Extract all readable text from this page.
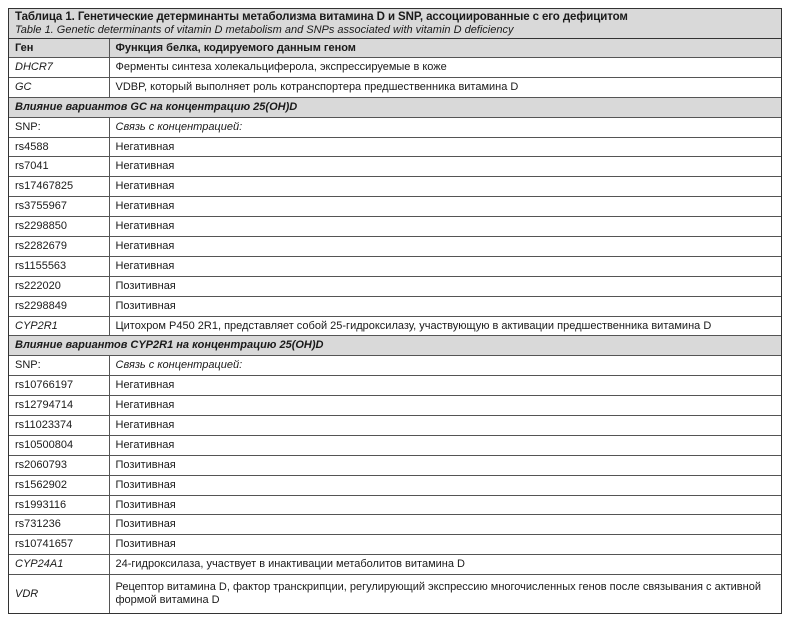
Таблица 1. Генетические детерминанты метаболизма витамина D и SNP, ассоциированные с его дефицитом
Table 1. Genetic determinants of vitamin D metabolism and SNPs associated with vitamin D deficiency
Ген	Функция белка, кодируемого данным геном
DHCR7	Ферменты синтеза холекальциферола, экспрессируемые в коже
GC	VDBP, который выполняет роль котранспортера предшественника витамина D
Влияние вариантов GC на концентрацию 25(OH)D	
SNP:	Связь с концентрацией:
rs4588	Негативная
rs7041	Негативная
rs17467825	Негативная
rs3755967	Негативная
rs2298850	Негативная
rs2282679	Негативная
rs1155563	Негативная
rs222020	Позитивная
rs2298849	Позитивная
CYP2R1	Цитохром Р450 2R1, представляет собой 25-гидроксилазу, участвующую в активации предшественника витамина D
Влияние вариантов CYP2R1 на концентрацию 25(OH)D	
SNP:	Связь с концентрацией:
rs10766197	Негативная
rs12794714	Негативная
rs11023374	Негативная
rs10500804	Негативная
rs2060793	Позитивная
rs1562902	Позитивная
rs1993116	Позитивная
rs731236	Позитивная
rs10741657	Позитивная
CYP24A1	24-гидроксилаза, участвует в инактивации метаболитов витамина D
VDR	Рецептор витамина D, фактор транскрипции, регулирующий экспрессию многочисленных генов после связывания с активной формой витамина D
